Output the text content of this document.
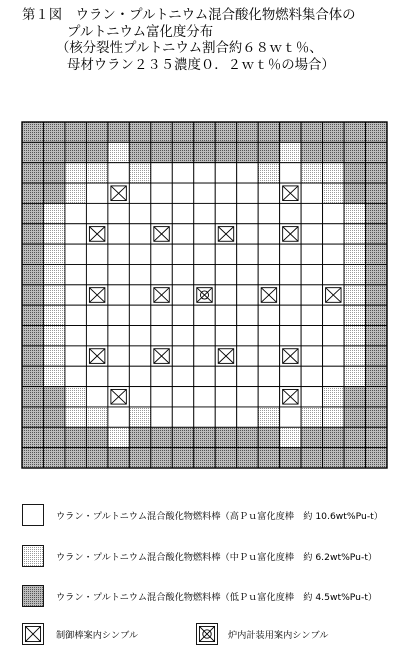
第１図　 ウラン・プルトニウム混合酸化物燃料集合体の
プルトニウム富化度分布
（核分裂性プルトニウム割合約６８ｗｔ％、
母材ウラン２３５濃度０．２ｗｔ％の場合）
ウラン・プルトニウム混合酸化物燃料棒（高Ｐｕ富化度棒　約 10.6wt%Pu-t）
ウラン・プルトニウム混合酸化物燃料棒（中Ｐｕ富化度棒　約 6.2wt%Pu-t）
ウラン・プルトニウム混合酸化物燃料棒（低Ｐｕ富化度棒　約 4.5wt%Pu-t）
制御棒案内シンブル	炉内計装用案内シンブル
